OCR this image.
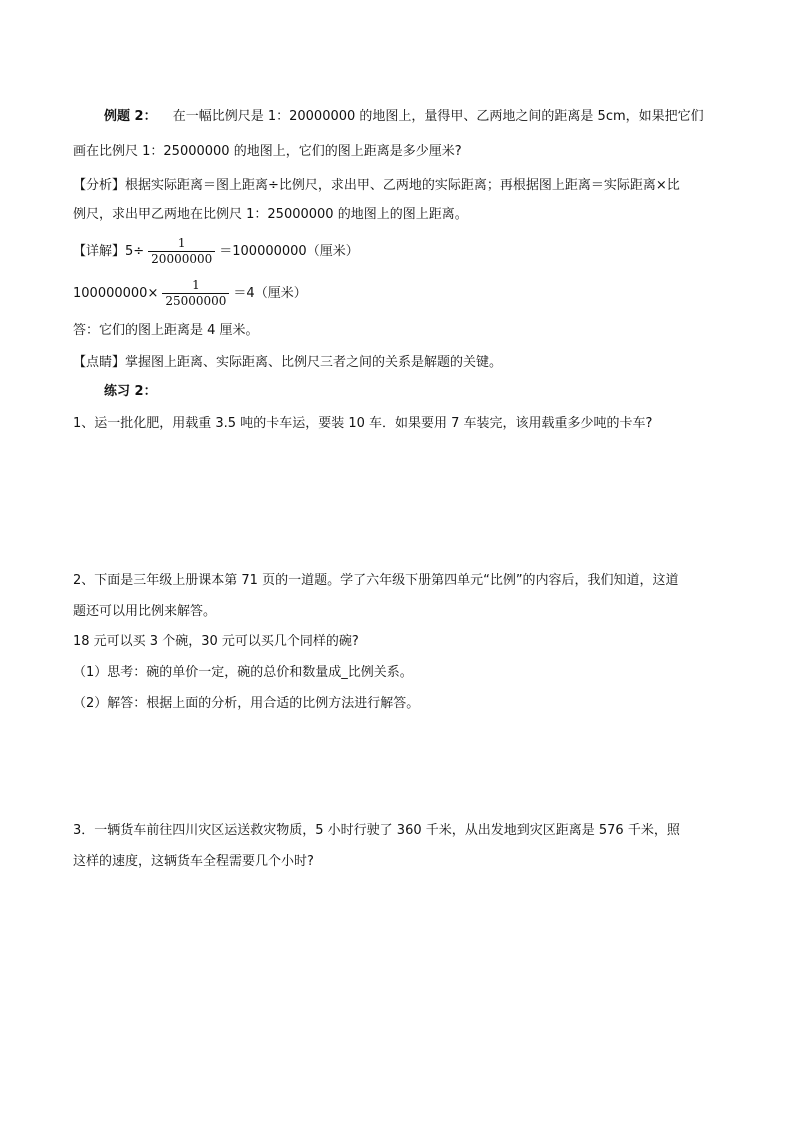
例题 2： 在一幅比例尺是 1：20000000 的地图上，量得甲、乙两地之间的距离是 5cm，如果把它们
画在比例尺 1：25000000 的地图上，它们的图上距离是多少厘米?
【分析】根据实际距离＝图上距离÷比例尺，求出甲、乙两地的实际距离；再根据图上距离＝实际距离×比
例尺，求出甲乙两地在比例尺 1：25000000 的地图上的图上距离。
【详解】$5\div \frac{1}{20000000} =100000000$（厘米）
$100000000\times \frac{1}{25000000} =4$（厘米）
答：它们的图上距离是 4 厘米。
【点睛】掌握图上距离、实际距离、比例尺三者之间的关系是解题的关键。
练习 2：
1、运一批化肥，用载重 3.5 吨的卡车运，要装 10 车．如果要用 7 车装完，该用载重多少吨的卡车?
2、下面是三年级上册课本第 71 页的一道题。学了六年级下册第四单元“比例”的内容后，我们知道，这道
题还可以用比例来解答。
18 元可以买 3 个碗，30 元可以买几个同样的碗?
（1）思考：碗的单价一定，碗的总价和数量成_比例关系。
（2）解答：根据上面的分析，用合适的比例方法进行解答。
3．一辆货车前往四川灾区运送救灾物质，5 小时行驶了 360 千米，从出发地到灾区距离是 576 千米，照
这样的速度，这辆货车全程需要几个小时?
